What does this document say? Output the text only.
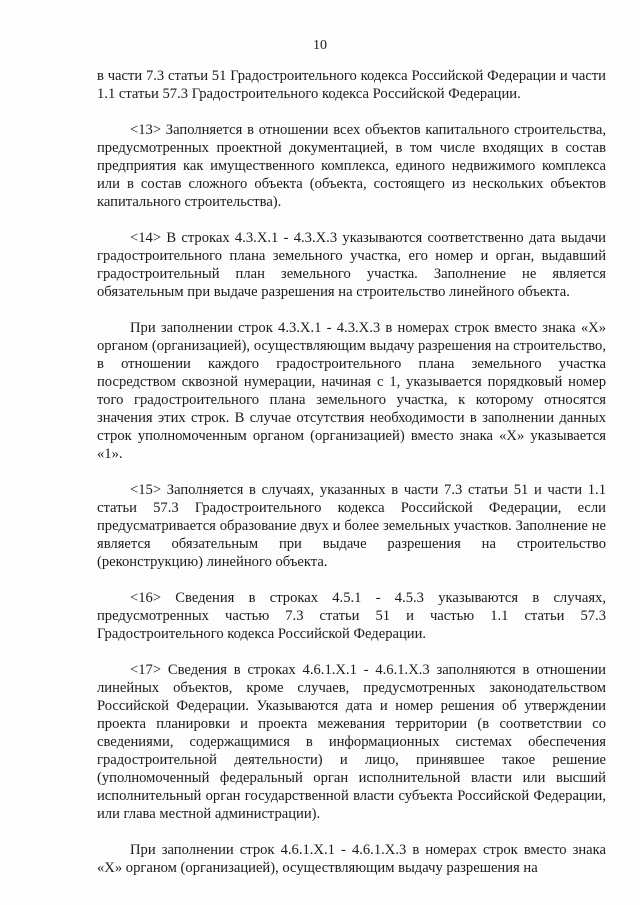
10

в части 7.3 статьи 51 Градостроительного кодекса Российской Федерации и части 1.1 статьи 57.3 Градостроительного кодекса Российской Федерации.

<13> Заполняется в отношении всех объектов капитального строительства, предусмотренных проектной документацией, в том числе входящих в состав предприятия как имущественного комплекса, единого недвижимого комплекса или в состав сложного объекта (объекта, состоящего из нескольких объектов капитального строительства).

<14> В строках 4.3.X.1 - 4.3.X.3 указываются соответственно дата выдачи градостроительного плана земельного участка, его номер и орган, выдавший градостроительный план земельного участка. Заполнение не является обязательным при выдаче разрешения на строительство линейного объекта.

При заполнении строк 4.3.X.1 - 4.3.X.3 в номерах строк вместо знака «X» органом (организацией), осуществляющим выдачу разрешения на строительство, в отношении каждого градостроительного плана земельного участка посредством сквозной нумерации, начиная с 1, указывается порядковый номер того градостроительного плана земельного участка, к которому относятся значения этих строк. В случае отсутствия необходимости в заполнении данных строк уполномоченным органом (организацией) вместо знака «X» указывается «1».

<15> Заполняется в случаях, указанных в части 7.3 статьи 51 и части 1.1 статьи 57.3 Градостроительного кодекса Российской Федерации, если предусматривается образование двух и более земельных участков. Заполнение не является обязательным при выдаче разрешения на строительство (реконструкцию) линейного объекта.

<16> Сведения в строках 4.5.1 - 4.5.3 указываются в случаях, предусмотренных частью 7.3 статьи 51 и частью 1.1 статьи 57.3 Градостроительного кодекса Российской Федерации.

<17> Сведения в строках 4.6.1.X.1 - 4.6.1.X.3 заполняются в отношении линейных объектов, кроме случаев, предусмотренных законодательством Российской Федерации. Указываются дата и номер решения об утверждении проекта планировки и проекта межевания территории (в соответствии со сведениями, содержащимися в информационных системах обеспечения градостроительной деятельности) и лицо, принявшее такое решение (уполномоченный федеральный орган исполнительной власти или высший исполнительный орган государственной власти субъекта Российской Федерации, или глава местной администрации).

При заполнении строк 4.6.1.X.1 - 4.6.1.X.3 в номерах строк вместо знака «X» органом (организацией), осуществляющим выдачу разрешения на
